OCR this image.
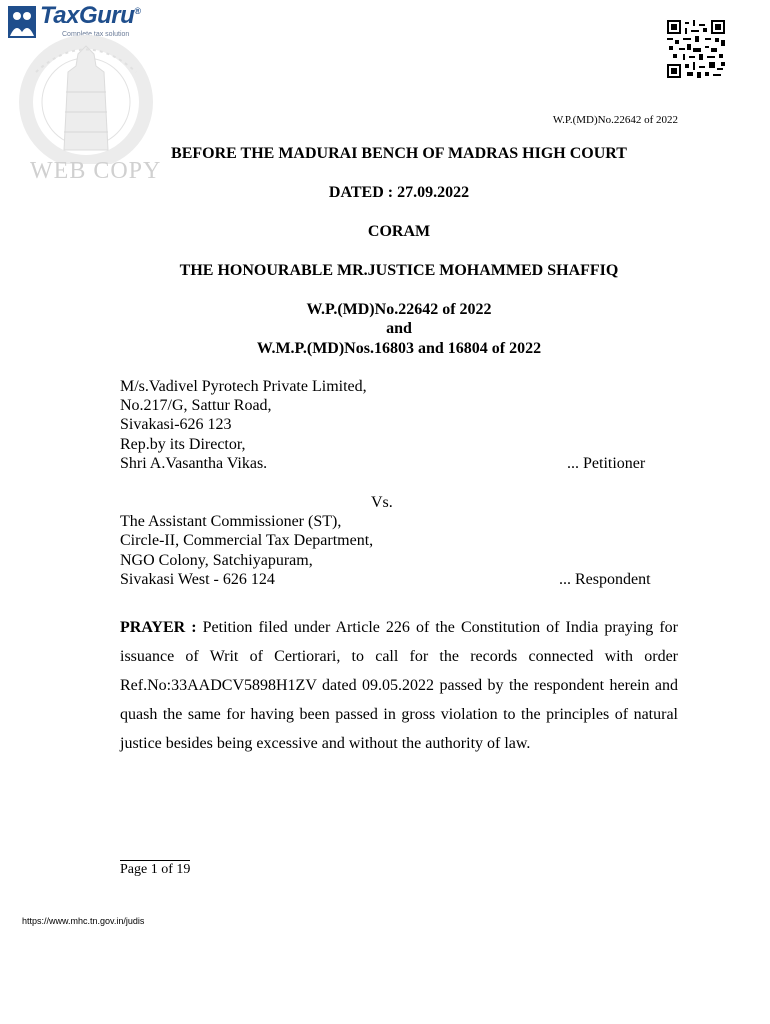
TaxGuru®
Complete tax solution
WEB COPY
W.P.(MD)No.22642 of 2022
BEFORE THE MADURAI BENCH OF MADRAS HIGH COURT
DATED : 27.09.2022
CORAM
THE HONOURABLE MR.JUSTICE MOHAMMED SHAFFIQ
W.P.(MD)No.22642 of 2022
and
W.M.P.(MD)Nos.16803 and 16804 of 2022
M/s.Vadivel Pyrotech Private Limited,
No.217/G, Sattur Road,
Sivakasi-626 123
Rep.by its Director,
Shri A.Vasantha Vikas.	... Petitioner
Vs.
The Assistant Commissioner (ST),
Circle-II, Commercial Tax Department,
NGO Colony, Satchiyapuram,
Sivakasi West - 626 124	... Respondent
PRAYER : Petition filed under Article 226 of the Constitution of India praying for issuance of Writ of Certiorari, to call for the records connected with order Ref.No:33AADCV5898H1ZV dated 09.05.2022 passed by the respondent herein and quash the same for having been passed in gross violation to the principles of natural justice besides being excessive and without the authority of law.
Page 1 of 19
https://www.mhc.tn.gov.in/judis
